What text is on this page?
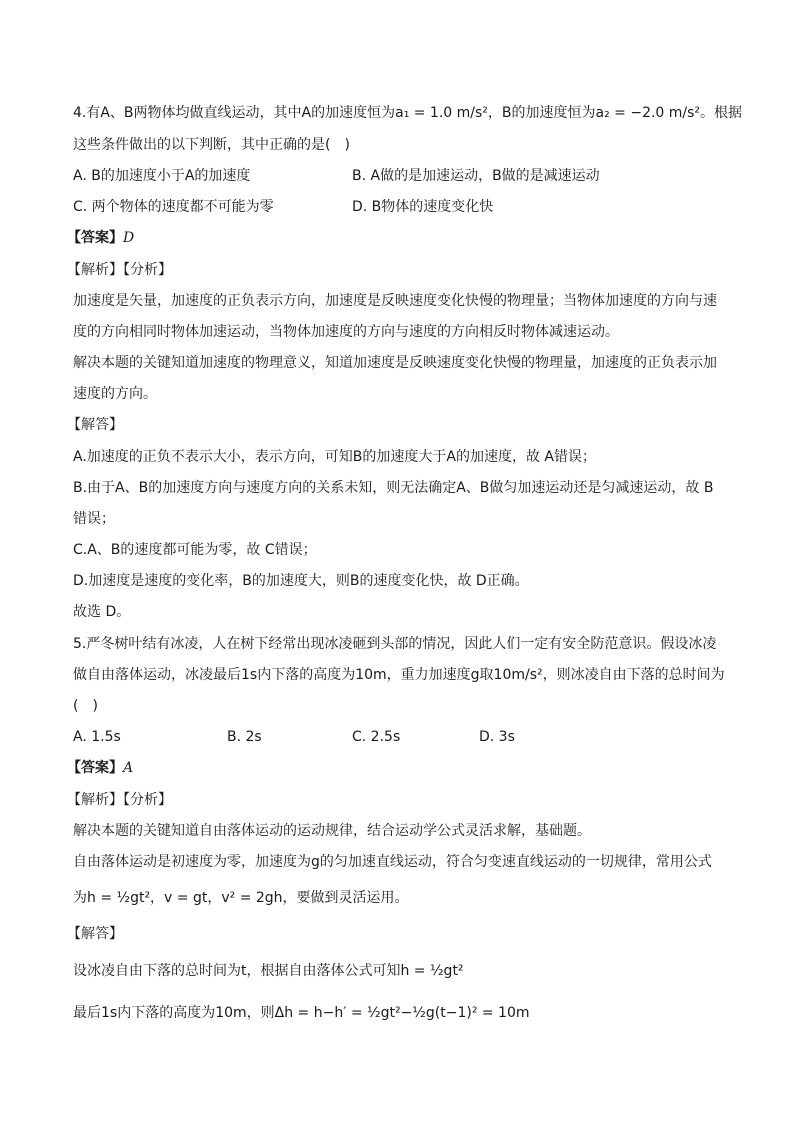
4.有A、B两物体均做直线运动，其中A的加速度恒为a₁ = 1.0 m/s²，B的加速度恒为a₂ = −2.0 m/s²。根据
这些条件做出的以下判断，其中正确的是(　)
A. B的加速度小于A的加速度	B. A做的是加速运动，B做的是减速运动
C. 两个物体的速度都不可能为零	D. B物体的速度变化快
【答案】D
【解析】【分析】
加速度是矢量，加速度的正负表示方向，加速度是反映速度变化快慢的物理量；当物体加速度的方向与速
度的方向相同时物体加速运动，当物体加速度的方向与速度的方向相反时物体减速运动。
解决本题的关键知道加速度的物理意义，知道加速度是反映速度变化快慢的物理量，加速度的正负表示加
速度的方向。
【解答】
A.加速度的正负不表示大小，表示方向，可知B的加速度大于A的加速度，故 A错误；
B.由于A、B的加速度方向与速度方向的关系未知，则无法确定A、B做匀加速运动还是匀减速运动，故 B
错误；
C.A、B的速度都可能为零，故 C错误；
D.加速度是速度的变化率，B的加速度大，则B的速度变化快，故 D正确。
故选 D。
5.严冬树叶结有冰凌，人在树下经常出现冰凌砸到头部的情况，因此人们一定有安全防范意识。假设冰凌
做自由落体运动，冰凌最后1s内下落的高度为10m，重力加速度g取10m/s²，则冰凌自由下落的总时间为
(　)
A. 1.5s	B. 2s	C. 2.5s	D. 3s
【答案】A
【解析】【分析】
解决本题的关键知道自由落体运动的运动规律，结合运动学公式灵活求解，基础题。
自由落体运动是初速度为零，加速度为g的匀加速直线运动，符合匀变速直线运动的一切规律，常用公式
为h = ½gt²，v = gt，v² = 2gh，要做到灵活运用。
【解答】
设冰凌自由下落的总时间为t，根据自由落体公式可知h = ½gt²
最后1s内下落的高度为10m，则Δh = h−h′ = ½gt²−½g(t−1)² = 10m
